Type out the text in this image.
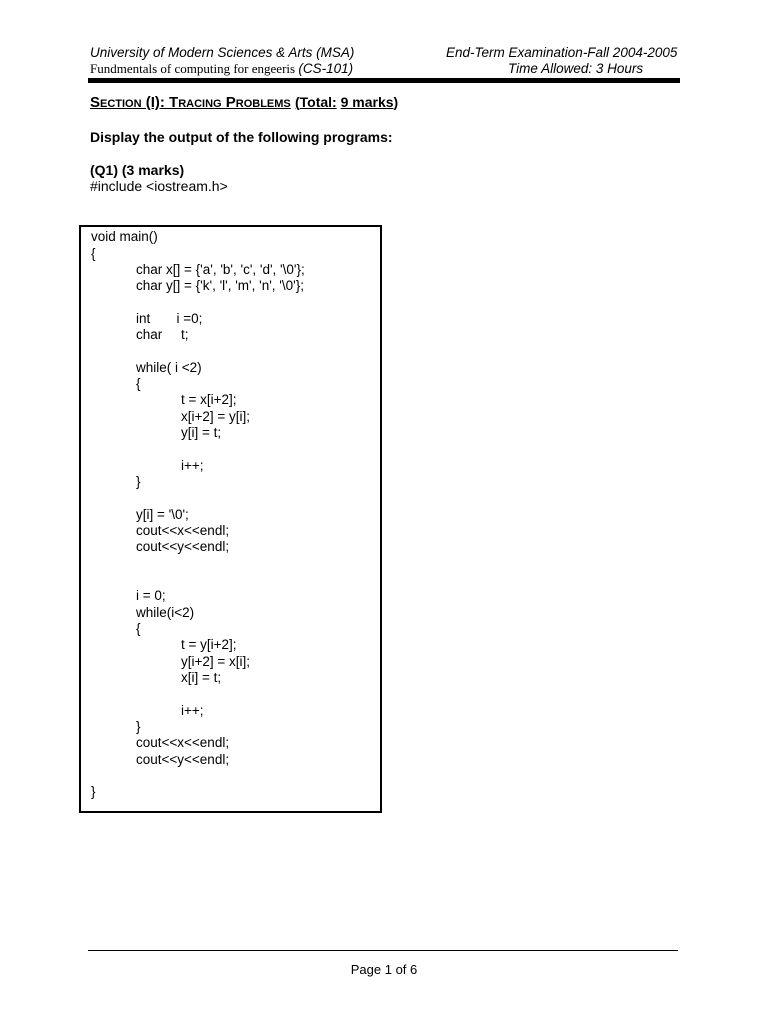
University of Modern Sciences & Arts (MSA)
Fundmentals of computing for engeeris (CS-101)
End-Term Examination-Fall 2004-2005
Time Allowed: 3 Hours
Section (I): Tracing Problems (Total: 9 marks)
Display the output of the following programs:
(Q1) (3 marks)
#include <iostream.h>
void main()
{
char x[] = {'a', 'b', 'c', 'd', '\0'};
char y[] = {'k', 'l', 'm', 'n', '\0'};
int       i =0;
char     t;
while( i <2)
{
t = x[i+2];
x[i+2] = y[i];
y[i] = t;
i++;
}
y[i] = '\0';
cout<<x<<endl;
cout<<y<<endl;
i = 0;
while(i<2)
{
t = y[i+2];
y[i+2] = x[i];
x[i] = t;
i++;
}
cout<<x<<endl;
cout<<y<<endl;
}
Page 1 of 6
